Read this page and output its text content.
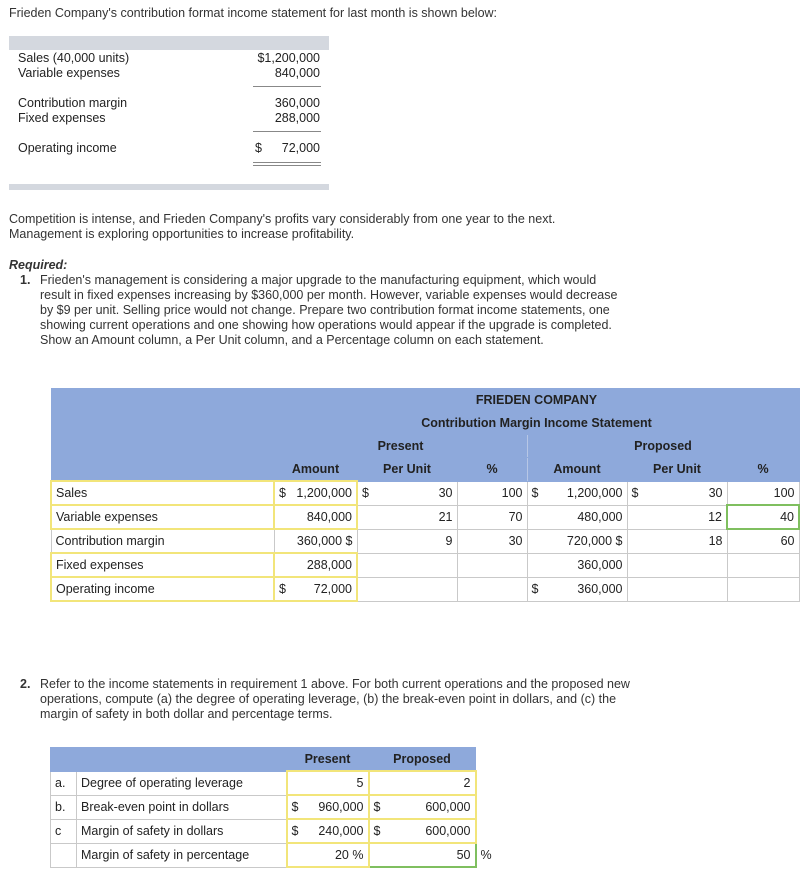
Frieden Company's contribution format income statement for last month is shown below:
Sales (40,000 units)	$1,200,000
Variable expenses	840,000
Contribution margin	360,000
Fixed expenses	288,000
Operating income	$ 72,000
Competition is intense, and Frieden Company's profits vary considerably from one year to the next. Management is exploring opportunities to increase profitability.
Required:
1. Frieden's management is considering a major upgrade to the manufacturing equipment, which would result in fixed expenses increasing by $360,000 per month. However, variable expenses would decrease by $9 per unit. Selling price would not change. Prepare two contribution format income statements, one showing current operations and one showing how operations would appear if the upgrade is completed. Show an Amount column, a Per Unit column, and a Percentage column on each statement.
	FRIEDEN COMPANY					
	Contribution Margin Income Statement					
	Present			Proposed		
	Amount	Per Unit	%	Amount	Per Unit	%
Sales	$ 1,200,000	$ 30	100	$ 1,200,000	$ 30	100
Variable expenses	840,000	21	70	480,000	12	40
Contribution margin	360,000 $	9	30	720,000 $	18	60
Fixed expenses	288,000			360,000		
Operating income	$ 72,000			$ 360,000		
2. Refer to the income statements in requirement 1 above. For both current operations and the proposed new operations, compute (a) the degree of operating leverage, (b) the break-even point in dollars, and (c) the margin of safety in both dollar and percentage terms.
		Present	Proposed	
a.	Degree of operating leverage	5	2	
b.	Break-even point in dollars	$ 960,000	$ 600,000	
c	Margin of safety in dollars	$ 240,000	$ 600,000	
	Margin of safety in percentage	20 %	50	%
